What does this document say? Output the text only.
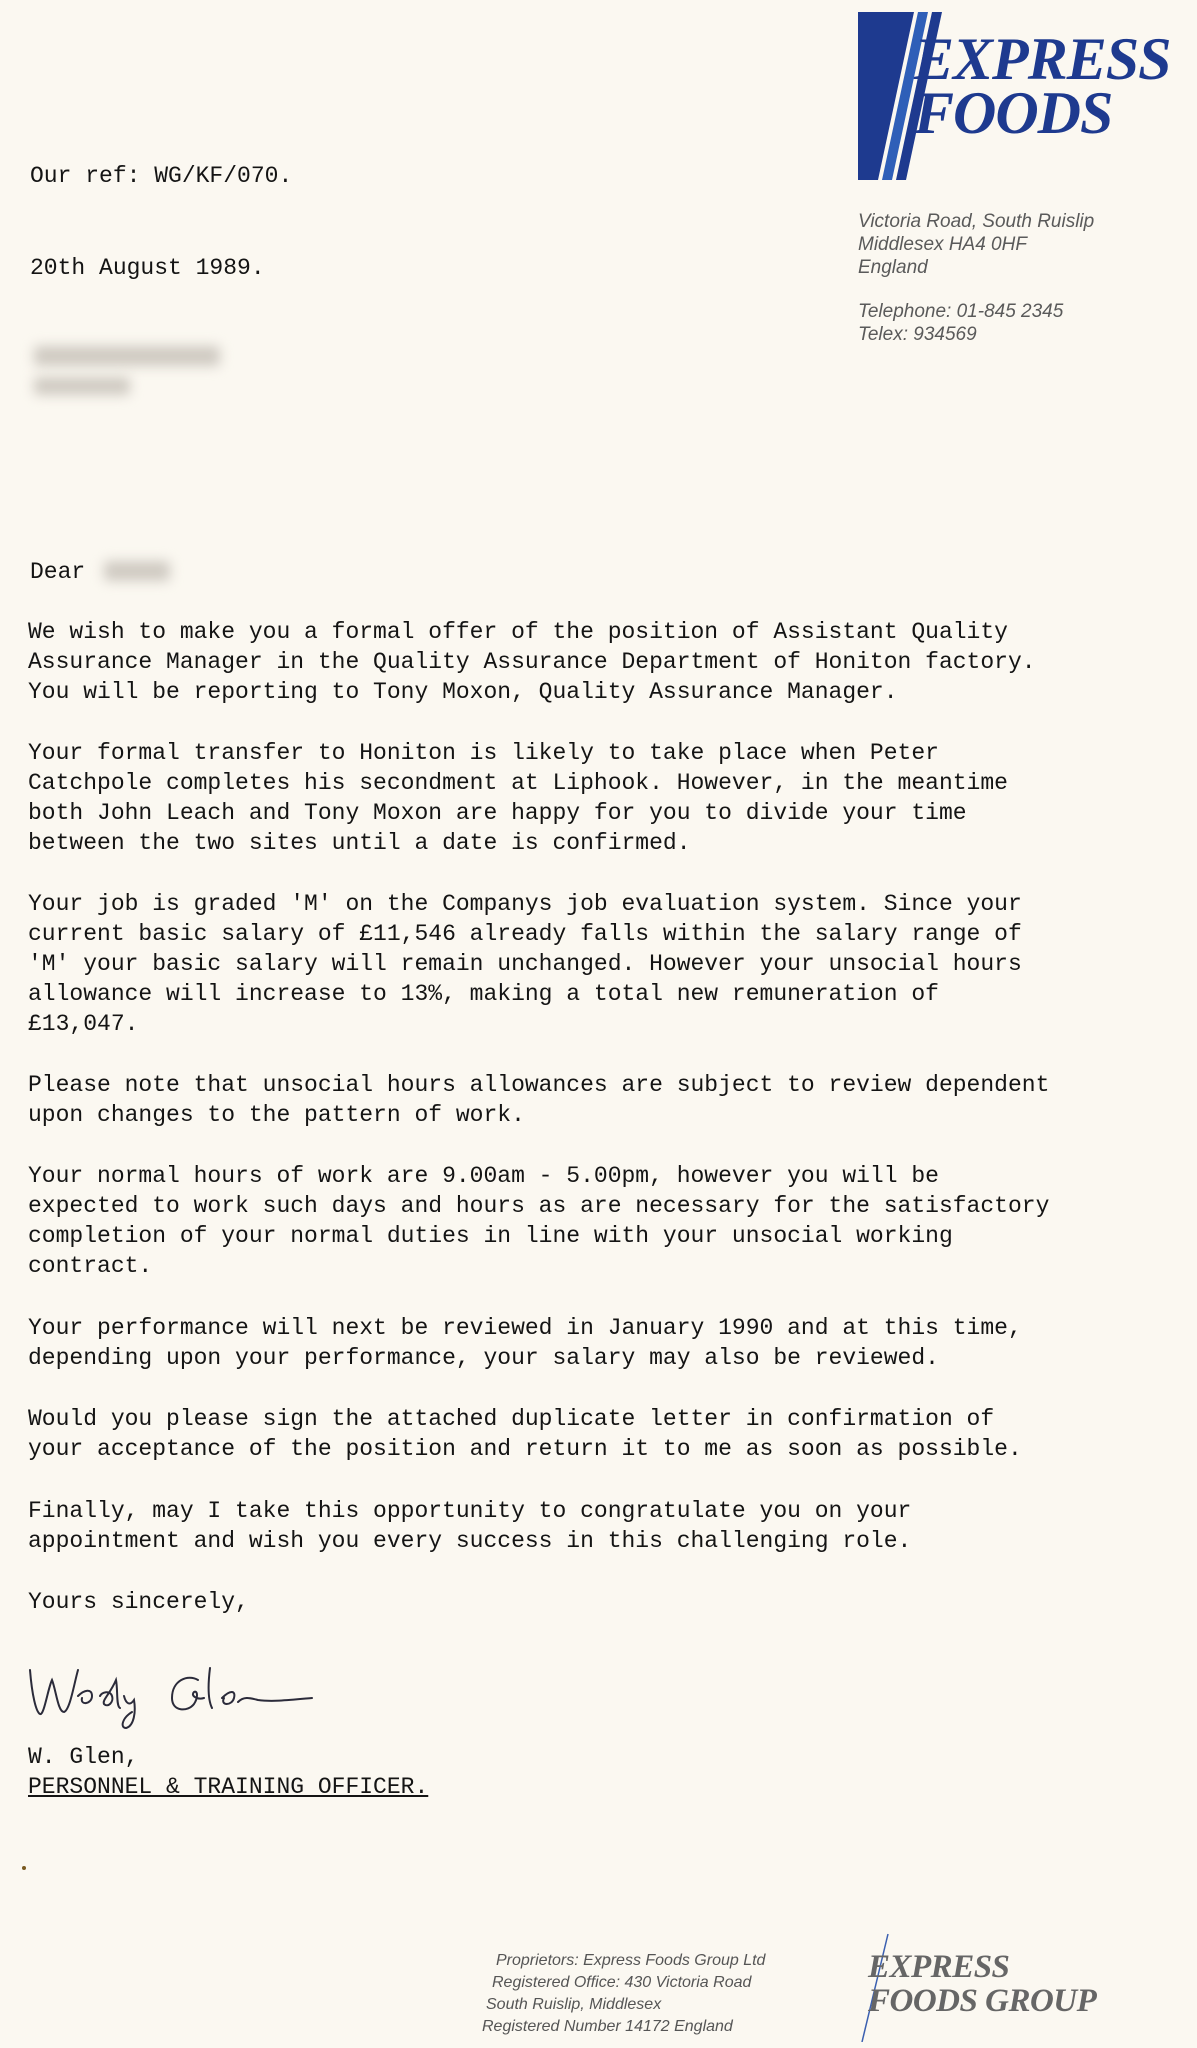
EXPRESS
FOODS
Victoria Road, South Ruislip
Middlesex HA4 0HF
England
Telephone: 01-845 2345
Telex: 934569
Our ref: WG/KF/070.
20th August 1989.
Dear
We wish to make you a formal offer of the position of Assistant Quality
Assurance Manager in the Quality Assurance Department of Honiton factory.
You will be reporting to Tony Moxon, Quality Assurance Manager.
Your formal transfer to Honiton is likely to take place when Peter
Catchpole completes his secondment at Liphook. However, in the meantime
both John Leach and Tony Moxon are happy for you to divide your time
between the two sites until a date is confirmed.
Your job is graded 'M' on the Companys job evaluation system. Since your
current basic salary of £11,546 already falls within the salary range of
'M' your basic salary will remain unchanged. However your unsocial hours
allowance will increase to 13%, making a total new remuneration of
£13,047.
Please note that unsocial hours allowances are subject to review dependent
upon changes to the pattern of work.
Your normal hours of work are 9.00am - 5.00pm, however you will be
expected to work such days and hours as are necessary for the satisfactory
completion of your normal duties in line with your unsocial working
contract.
Your performance will next be reviewed in January 1990 and at this time,
depending upon your performance, your salary may also be reviewed.
Would you please sign the attached duplicate letter in confirmation of
your acceptance of the position and return it to me as soon as possible.
Finally, may I take this opportunity to congratulate you on your
appointment and wish you every success in this challenging role.
Yours sincerely,
W. Glen,
PERSONNEL & TRAINING OFFICER.
Proprietors: Express Foods Group Ltd
Registered Office: 430 Victoria Road
South Ruislip, Middlesex
Registered Number 14172 England
EXPRESS
FOODS GROUP
